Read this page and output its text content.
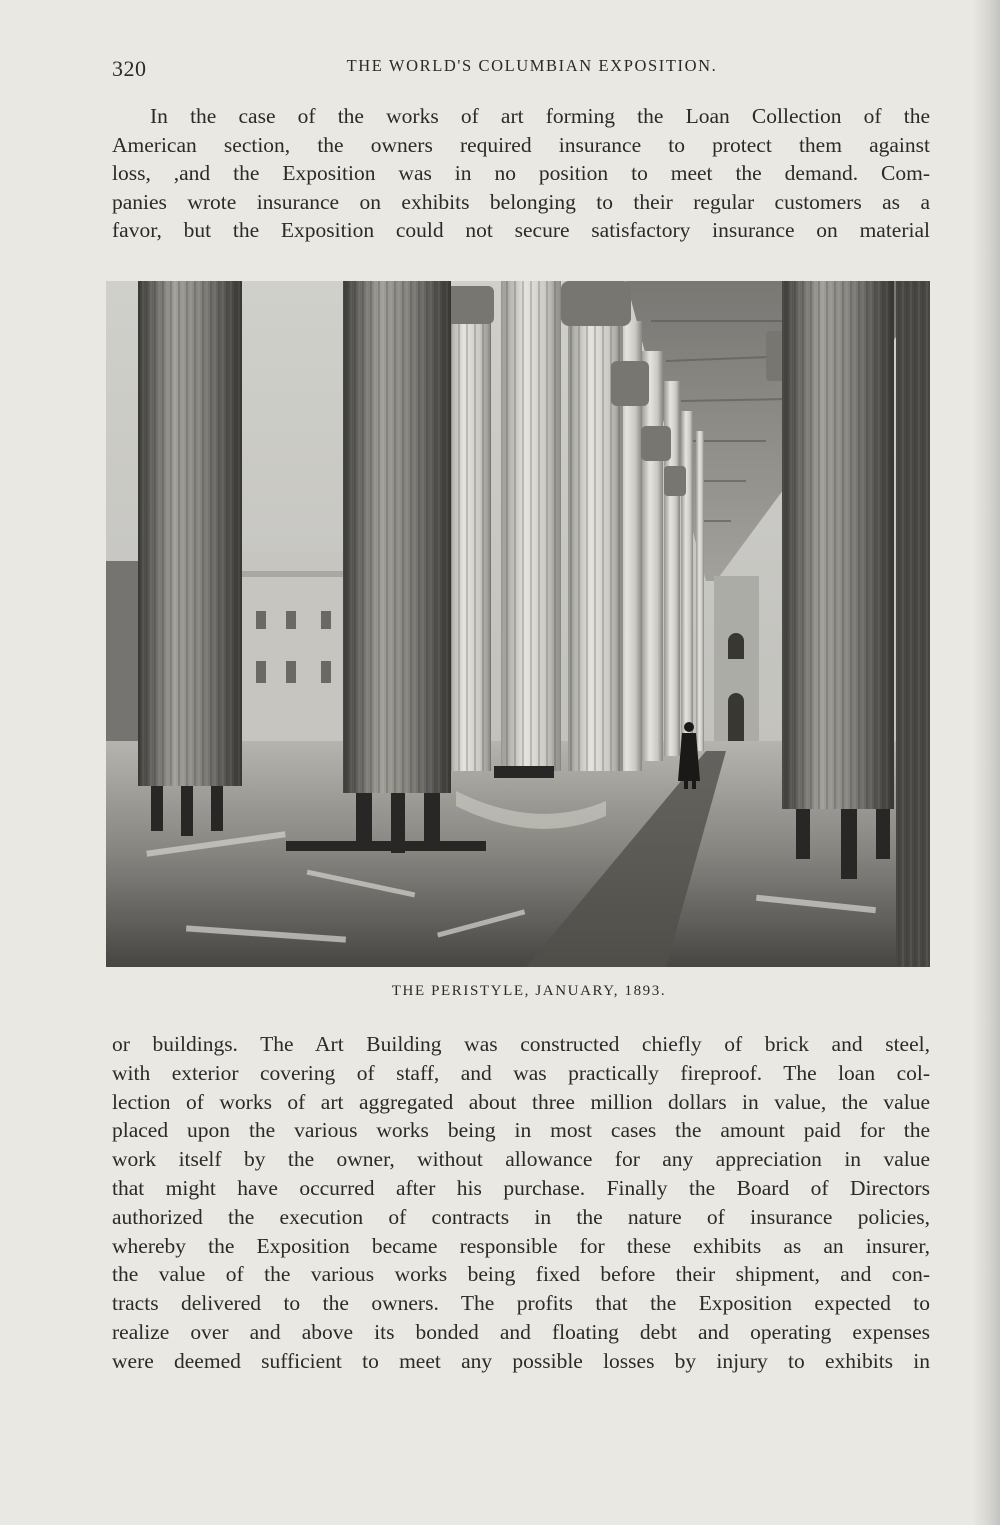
320	THE WORLD'S COLUMBIAN EXPOSITION.
In the case of the works of art forming the Loan Collection of the
American section, the owners required insurance to protect them against
loss, ,and the Exposition was in no position to meet the demand. Com-
panies wrote insurance on exhibits belonging to their regular customers as a
favor, but the Exposition could not secure satisfactory insurance on material
THE PERISTYLE, JANUARY, 1893.
or buildings. The Art Building was constructed chiefly of brick and steel,
with exterior covering of staff, and was practically fireproof. The loan col-
lection of works of art aggregated about three million dollars in value, the value
placed upon the various works being in most cases the amount paid for the
work itself by the owner, without allowance for any appreciation in value
that might have occurred after his purchase. Finally the Board of Directors
authorized the execution of contracts in the nature of insurance policies,
whereby the Exposition became responsible for these exhibits as an insurer,
the value of the various works being fixed before their shipment, and con-
tracts delivered to the owners. The profits that the Exposition expected to
realize over and above its bonded and floating debt and operating expenses
were deemed sufficient to meet any possible losses by injury to exhibits in
